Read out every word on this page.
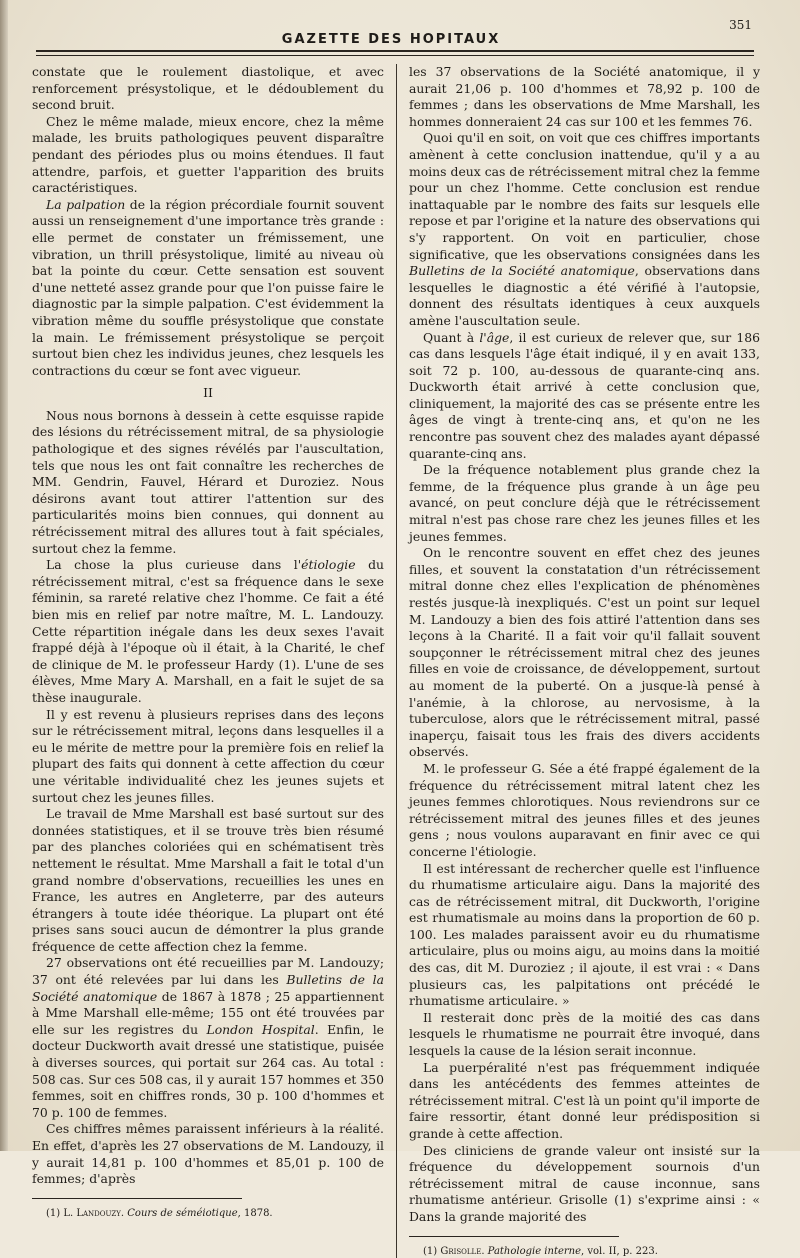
GAZETTE DES HOPITAUX
351

constate que le roulement diastolique, et avec renforcement présystolique, et le dédoublement du second bruit.

Chez le même malade, mieux encore, chez la même malade, les bruits pathologiques peuvent disparaître pendant des périodes plus ou moins étendues. Il faut attendre, parfois, et guetter l'apparition des bruits caractéristiques.

La palpation de la région précordiale fournit souvent aussi un renseignement d'une importance très grande : elle permet de constater un frémissement, une vibration, un thrill présystolique, limité au niveau où bat la pointe du cœur. Cette sensation est souvent d'une netteté assez grande pour que l'on puisse faire le diagnostic par la simple palpation. C'est évidemment la vibration même du souffle présystolique que constate la main. Le frémissement présystolique se perçoit surtout bien chez les individus jeunes, chez lesquels les contractions du cœur se font avec vigueur.

II

Nous nous bornons à dessein à cette esquisse rapide des lésions du rétrécissement mitral, de sa physiologie pathologique et des signes révélés par l'auscultation, tels que nous les ont fait connaître les recherches de MM. Gendrin, Fauvel, Hérard et Duroziez. Nous désirons avant tout attirer l'attention sur des particularités moins bien connues, qui donnent au rétrécissement mitral des allures tout à fait spéciales, surtout chez la femme.

La chose la plus curieuse dans l'étiologie du rétrécissement mitral, c'est sa fréquence dans le sexe féminin, sa rareté relative chez l'homme. Ce fait a été bien mis en relief par notre maître, M. L. Landouzy. Cette répartition inégale dans les deux sexes l'avait frappé déjà à l'époque où il était, à la Charité, le chef de clinique de M. le professeur Hardy (1). L'une de ses élèves, Mme Mary A. Marshall, en a fait le sujet de sa thèse inaugurale.

Il y est revenu à plusieurs reprises dans des leçons sur le rétrécissement mitral, leçons dans lesquelles il a eu le mérite de mettre pour la première fois en relief la plupart des faits qui donnent à cette affection du cœur une véritable individualité chez les jeunes sujets et surtout chez les jeunes filles.

Le travail de Mme Marshall est basé surtout sur des données statistiques, et il se trouve très bien résumé par des planches coloriées qui en schématisent très nettement le résultat. Mme Marshall a fait le total d'un grand nombre d'observations, recueillies les unes en France, les autres en Angleterre, par des auteurs étrangers à toute idée théorique. La plupart ont été prises sans souci aucun de démontrer la plus grande fréquence de cette affection chez la femme.

27 observations ont été recueillies par M. Landouzy; 37 ont été relevées par lui dans les Bulletins de la Société anatomique de 1867 à 1878 ; 25 appartiennent à Mme Marshall elle-même; 155 ont été trouvées par elle sur les registres du London Hospital. Enfin, le docteur Duckworth avait dressé une statistique, puisée à diverses sources, qui portait sur 264 cas. Au total : 508 cas. Sur ces 508 cas, il y aurait 157 hommes et 350 femmes, soit en chiffres ronds, 30 p. 100 d'hommes et 70 p. 100 de femmes.

Ces chiffres mêmes paraissent inférieurs à la réalité. En effet, d'après les 27 observations de M. Landouzy, il y aurait 14,81 p. 100 d'hommes et 85,01 p. 100 de femmes; d'après

(1) L. Landouzy. Cours de séméiotique, 1878.

les 37 observations de la Société anatomique, il y aurait 21,06 p. 100 d'hommes et 78,92 p. 100 de femmes ; dans les observations de Mme Marshall, les hommes donneraient 24 cas sur 100 et les femmes 76.

Quoi qu'il en soit, on voit que ces chiffres importants amènent à cette conclusion inattendue, qu'il y a au moins deux cas de rétrécissement mitral chez la femme pour un chez l'homme. Cette conclusion est rendue inattaquable par le nombre des faits sur lesquels elle repose et par l'origine et la nature des observations qui s'y rapportent. On voit en particulier, chose significative, que les observations consignées dans les Bulletins de la Société anatomique, observations dans lesquelles le diagnostic a été vérifié à l'autopsie, donnent des résultats identiques à ceux auxquels amène l'auscultation seule.

Quant à l'âge, il est curieux de relever que, sur 186 cas dans lesquels l'âge était indiqué, il y en avait 133, soit 72 p. 100, au-dessous de quarante-cinq ans. Duckworth était arrivé à cette conclusion que, cliniquement, la majorité des cas se présente entre les âges de vingt à trente-cinq ans, et qu'on ne les rencontre pas souvent chez des malades ayant dépassé quarante-cinq ans.

De la fréquence notablement plus grande chez la femme, de la fréquence plus grande à un âge peu avancé, on peut conclure déjà que le rétrécissement mitral n'est pas chose rare chez les jeunes filles et les jeunes femmes.

On le rencontre souvent en effet chez des jeunes filles, et souvent la constatation d'un rétrécissement mitral donne chez elles l'explication de phénomènes restés jusque-là inexpliqués. C'est un point sur lequel M. Landouzy a bien des fois attiré l'attention dans ses leçons à la Charité. Il a fait voir qu'il fallait souvent soupçonner le rétrécissement mitral chez des jeunes filles en voie de croissance, de développement, surtout au moment de la puberté. On a jusque-là pensé à l'anémie, à la chlorose, au nervosisme, à la tuberculose, alors que le rétrécissement mitral, passé inaperçu, faisait tous les frais des divers accidents observés.

M. le professeur G. Sée a été frappé également de la fréquence du rétrécissement mitral latent chez les jeunes femmes chlorotiques. Nous reviendrons sur ce rétrécissement mitral des jeunes filles et des jeunes gens ; nous voulons auparavant en finir avec ce qui concerne l'étiologie.

Il est intéressant de rechercher quelle est l'influence du rhumatisme articulaire aigu. Dans la majorité des cas de rétrécissement mitral, dit Duckworth, l'origine est rhumatismale au moins dans la proportion de 60 p. 100. Les malades paraissent avoir eu du rhumatisme articulaire, plus ou moins aigu, au moins dans la moitié des cas, dit M. Duroziez ; il ajoute, il est vrai : « Dans plusieurs cas, les palpitations ont précédé le rhumatisme articulaire. »

Il resterait donc près de la moitié des cas dans lesquels le rhumatisme ne pourrait être invoqué, dans lesquels la cause de la lésion serait inconnue.

La puerpéralité n'est pas fréquemment indiquée dans les antécédents des femmes atteintes de rétrécissement mitral. C'est là un point qu'il importe de faire ressortir, étant donné leur prédisposition si grande à cette affection.

Des cliniciens de grande valeur ont insisté sur la fréquence du développement sournois d'un rétrécissement mitral de cause inconnue, sans rhumatisme antérieur. Grisolle (1) s'exprime ainsi : « Dans la grande majorité des

(1) Grisolle. Pathologie interne, vol. II, p. 223.
